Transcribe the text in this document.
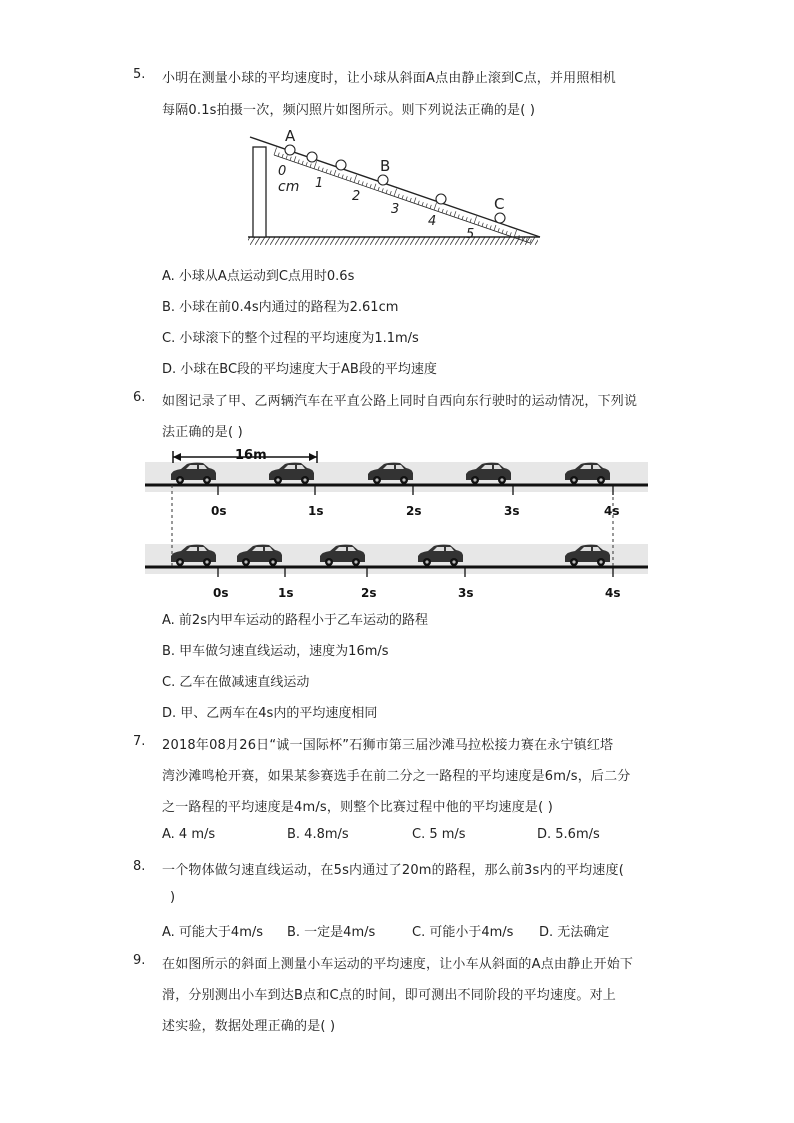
5. 小明在测量小球的平均速度时，让小球从斜面A点由静止滚到C点，并用照相机
每隔0.1s拍摄一次，频闪照片如图所示。则下列说法正确的是( )
A
B
C
0
cm 1
2
3
4
5
A. 小球从A点运动到C点用时0.6s
B. 小球在前0.4s内通过的路程为2.61cm
C. 小球滚下的整个过程的平均速度为1.1m/s
D. 小球在BC段的平均速度大于AB段的平均速度
6. 如图记录了甲、乙两辆汽车在平直公路上同时自西向东行驶时的运动情况，下列说
法正确的是( )
16m
0s	1s	2s	3s	4s
0s	1s	2s	3s	4s
A. 前2s内甲车运动的路程小于乙车运动的路程
B. 甲车做匀速直线运动，速度为16m/s
C. 乙车在做减速直线运动
D. 甲、乙两车在4s内的平均速度相同
7. 2018年08月26日“诚一国际杯”石狮市第三届沙滩马拉松接力赛在永宁镇红塔
湾沙滩鸣枪开赛，如果某参赛选手在前二分之一路程的平均速度是6m/s，后二分
之一路程的平均速度是4m/s，则整个比赛过程中他的平均速度是( )
A. 4 m/s	B. 4.8m/s	C. 5 m/s	D. 5.6m/s
8. 一个物体做匀速直线运动，在5s内通过了20m的路程，那么前3s内的平均速度(
)
A. 可能大于4m/s B. 一定是4m/s	C. 可能小于4m/s D. 无法确定
9. 在如图所示的斜面上测量小车运动的平均速度，让小车从斜面的A点由静止开始下
滑，分别测出小车到达B点和C点的时间，即可测出不同阶段的平均速度。对上
述实验，数据处理正确的是( )
